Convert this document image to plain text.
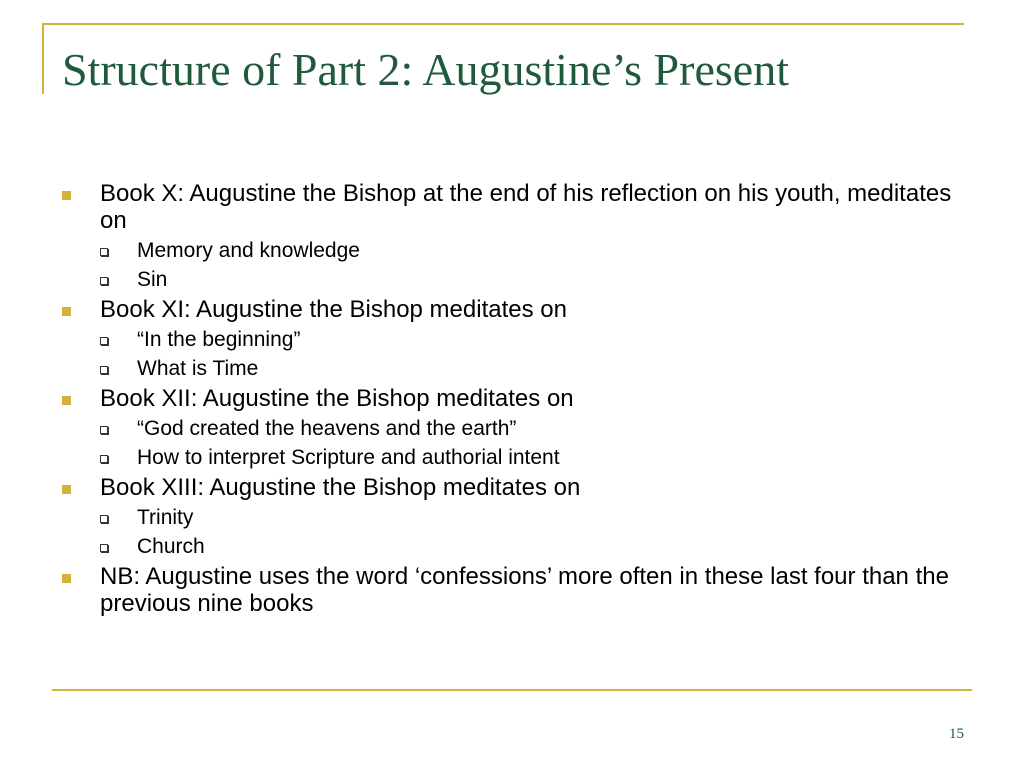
Structure of Part 2: Augustine’s Present
Book X: Augustine the Bishop at the end of his reflection on his youth, meditates on
Memory and knowledge
Sin
Book XI: Augustine the Bishop meditates on
“In the beginning”
What is Time
Book XII: Augustine the Bishop meditates on
“God created the heavens and the earth”
How to interpret Scripture and authorial intent
Book XIII: Augustine the Bishop meditates on
Trinity
Church
NB: Augustine uses the word ‘confessions’ more often in these last four than the previous nine books
15
